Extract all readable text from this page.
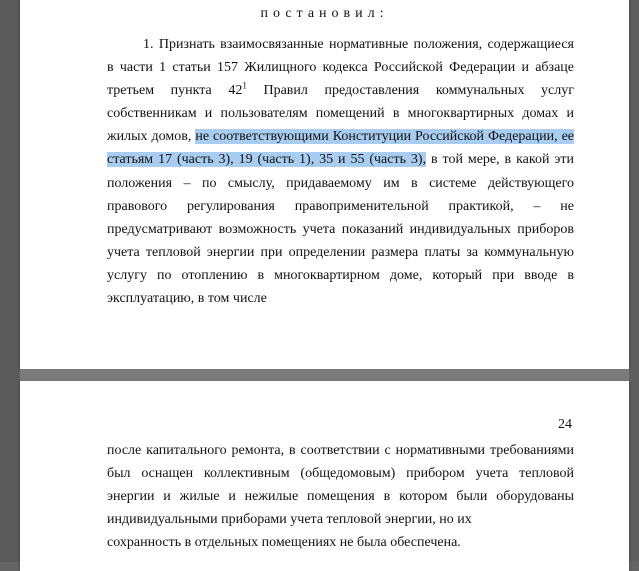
постановил:

1. Признать взаимосвязанные нормативные положения, содержащиеся в части 1 статьи 157 Жилищного кодекса Российской Федерации и абзаце третьем пункта $42^1$ Правил предоставления коммунальных услуг собственникам и пользователям помещений в многоквартирных домах и жилых домов, не соответствующими Конституции Российской Федерации, ее статьям 17 (часть 3), 19 (часть 1), 35 и 55 (часть 3), в той мере, в какой эти положения – по смыслу, придаваемому им в системе действующего правового регулирования правоприменительной практикой, – не предусматривают возможность учета показаний индивидуальных приборов учета тепловой энергии при определении размера платы за коммунальную услугу по отоплению в многоквартирном доме, который при вводе в эксплуатацию, в том числе

24

после капитального ремонта, в соответствии с нормативными требованиями был оснащен коллективным (общедомовым) прибором учета тепловой энергии и жилые и нежилые помещения в котором были оборудованы индивидуальными приборами учета тепловой энергии, но их
сохранность в отдельных помещениях не была обеспечена.
